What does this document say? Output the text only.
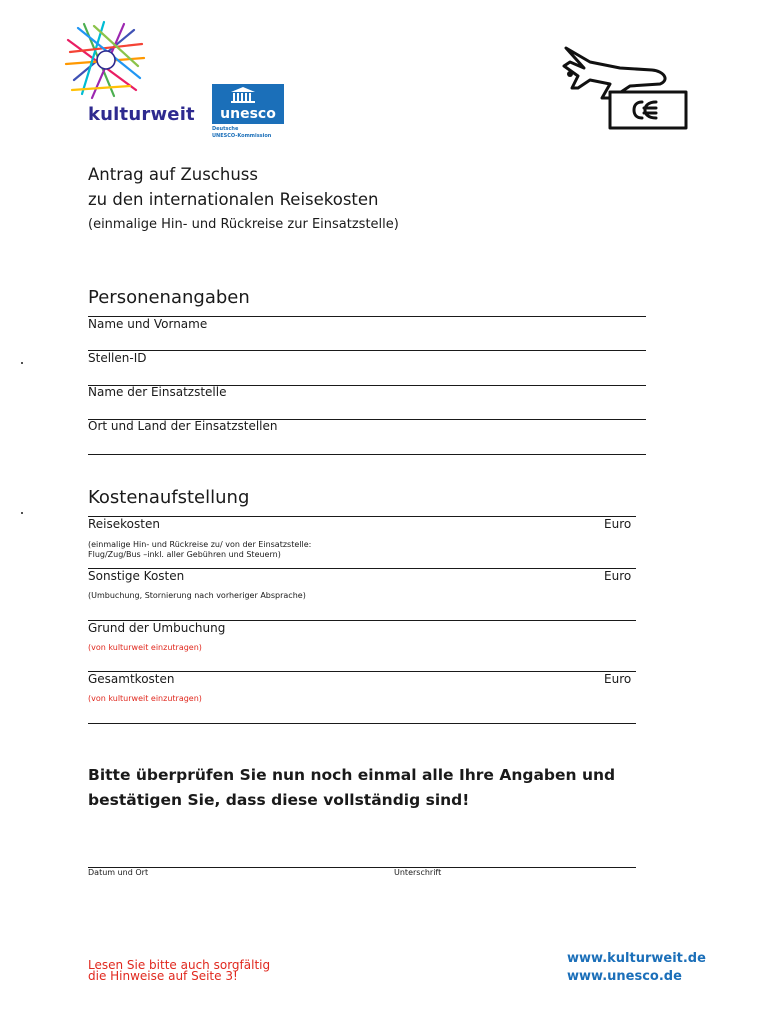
kulturweit	unesco
Deutsche
UNESCO-Kommission
Antrag auf Zuschuss
zu den internationalen Reisekosten
(einmalige Hin- und Rückreise zur Einsatzstelle)
Personenangaben
Name und Vorname
Stellen-ID
Name der Einsatzstelle
Ort und Land der Einsatzstellen
Kostenaufstellung
Reisekosten	Euro
(einmalige Hin- und Rückreise zu/ von der Einsatzstelle:
Flug/Zug/Bus –inkl. aller Gebühren und Steuern)
Sonstige Kosten	Euro
(Umbuchung, Stornierung nach vorheriger Absprache)
Grund der Umbuchung
(von kulturweit einzutragen)
Gesamtkosten	Euro
(von kulturweit einzutragen)
Bitte überprüfen Sie nun noch einmal alle Ihre Angaben und
bestätigen Sie, dass diese vollständig sind!
Datum und Ort	Unterschrift
Lesen Sie bitte auch sorgfältig
die Hinweise auf Seite 3!
www.kulturweit.de
www.unesco.de
